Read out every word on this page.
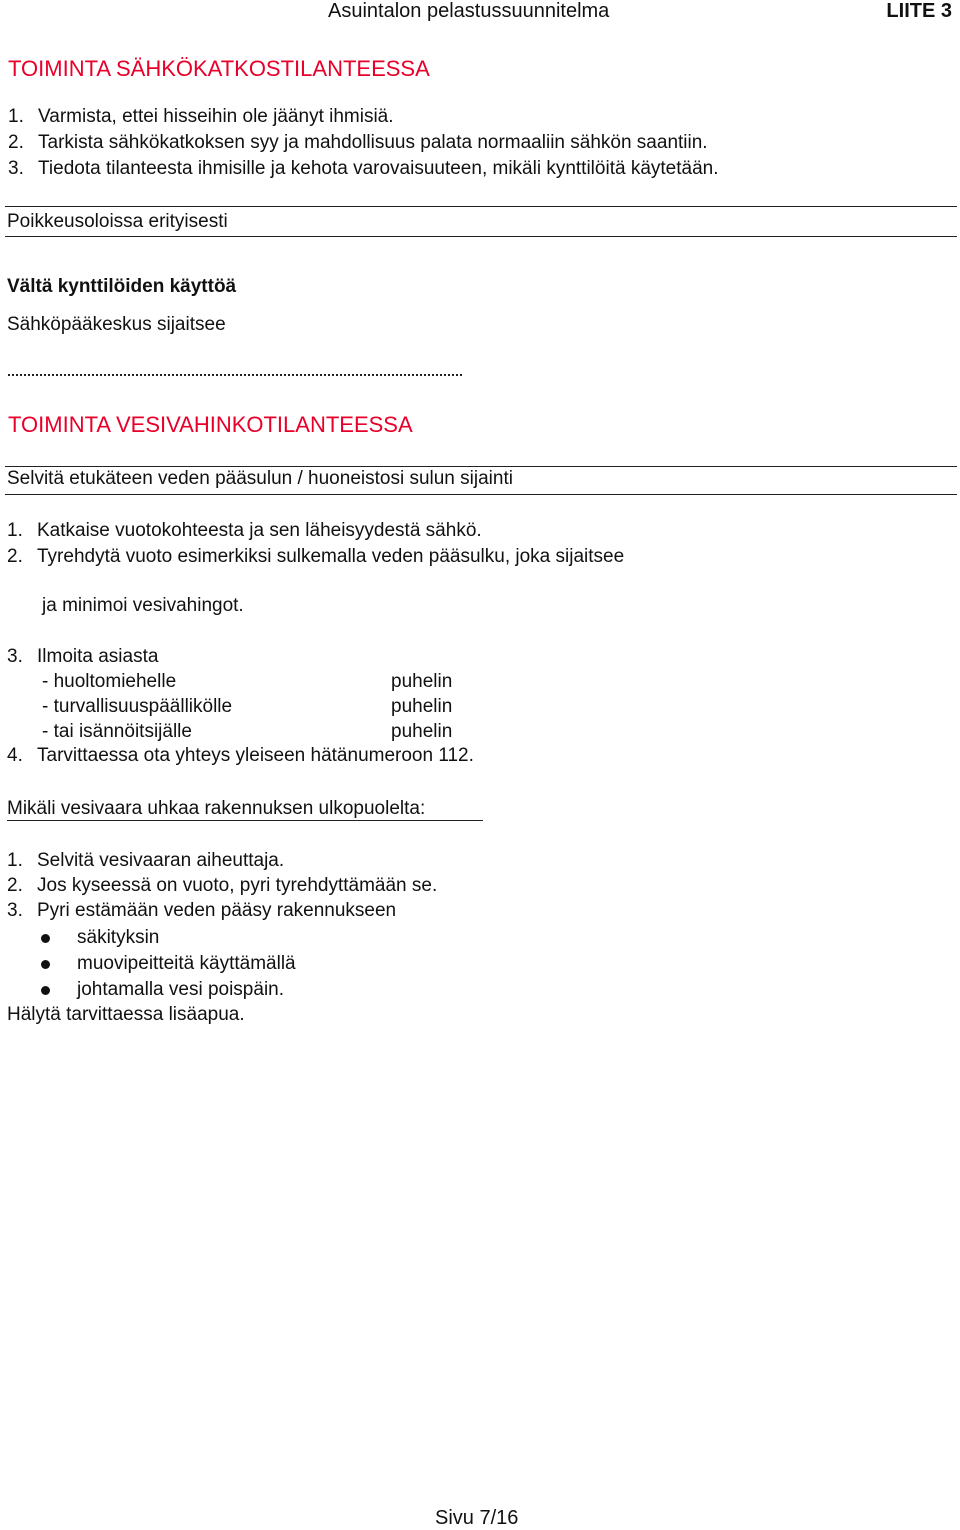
Asuintalon pelastussuunnitelma	LIITE 3
TOIMINTA SÄHKÖKATKOSTILANTEESSA
1. Varmista, ettei hisseihin ole jäänyt ihmisiä.
2. Tarkista sähkökatkoksen syy ja mahdollisuus palata normaaliin sähkön saantiin.
3. Tiedota tilanteesta ihmisille ja kehota varovaisuuteen, mikäli kynttilöitä käytetään.
Poikkeusoloissa erityisesti
Vältä kynttilöiden käyttöä
Sähköpääkeskus sijaitsee
TOIMINTA VESIVAHINKOTILANTEESSA
Selvitä etukäteen veden pääsulun / huoneistosi sulun sijainti
1. Katkaise vuotokohteesta ja sen läheisyydestä sähkö.
2. Tyrehdytä vuoto esimerkiksi sulkemalla veden pääsulku, joka sijaitsee
ja minimoi vesivahingot.
3. Ilmoita asiasta
- huoltomiehelle	puhelin
- turvallisuuspäällikölle	puhelin
- tai isännöitsijälle	puhelin
4. Tarvittaessa ota yhteys yleiseen hätänumeroon 112.
Mikäli vesivaara uhkaa rakennuksen ulkopuolelta:
1. Selvitä vesivaaran aiheuttaja.
2. Jos kyseessä on vuoto, pyri tyrehdyttämään se.
3. Pyri estämään veden pääsy rakennukseen
säkityksin
muovipeitteitä käyttämällä
johtamalla vesi poispäin.
Hälytä tarvittaessa lisäapua.
Sivu 7/16
